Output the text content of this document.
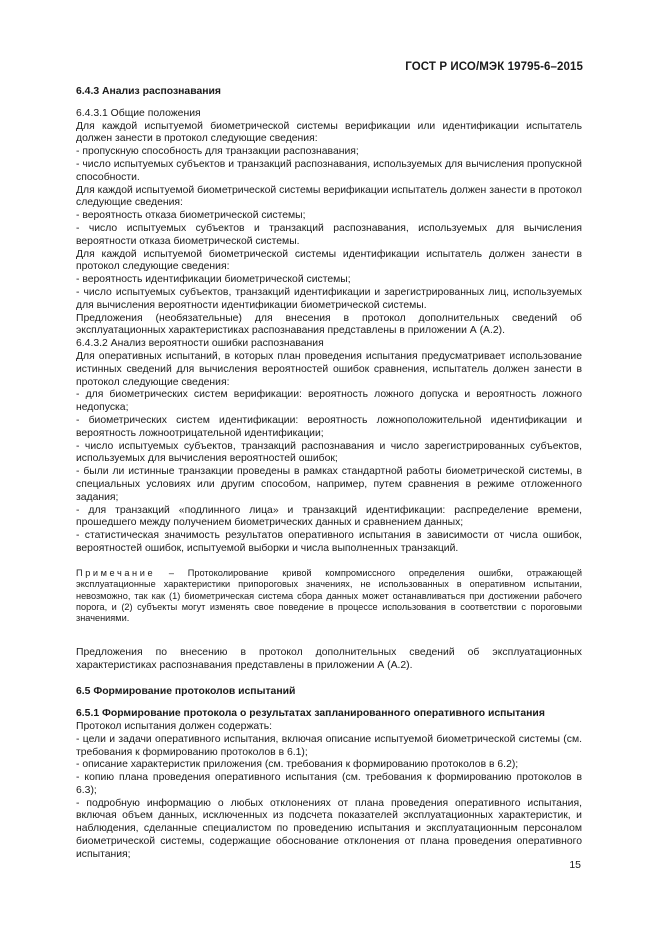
ГОСТ Р ИСО/МЭК 19795-6–2015

6.4.3 Анализ распознавания

6.4.3.1 Общие положения

Для каждой испытуемой биометрической системы верификации или идентификации испытатель должен занести в протокол следующие сведения:

- пропускную способность для транзакции распознавания;

- число испытуемых субъектов и транзакций распознавания, используемых для вычисления пропускной способности.

Для каждой испытуемой биометрической системы верификации испытатель должен занести в протокол следующие сведения:

- вероятность отказа биометрической системы;

- число испытуемых субъектов и транзакций распознавания, используемых для вычисления вероятности отказа биометрической системы.

Для каждой испытуемой биометрической системы идентификации испытатель должен занести в протокол следующие сведения:

- вероятность идентификации биометрической системы;

- число испытуемых субъектов, транзакций идентификации и зарегистрированных лиц, используемых для вычисления вероятности идентификации биометрической системы.

Предложения (необязательные) для внесения в протокол дополнительных сведений об эксплуатационных характеристиках распознавания представлены в приложении А (А.2).

6.4.3.2 Анализ вероятности ошибки распознавания

Для оперативных испытаний, в которых план проведения испытания предусматривает использование истинных сведений для вычисления вероятностей ошибок сравнения, испытатель должен занести в протокол следующие сведения:

- для биометрических систем верификации: вероятность ложного допуска и вероятность ложного недопуска;

- биометрических систем идентификации: вероятность ложноположительной идентификации и вероятность ложноотрицательной идентификации;

- число испытуемых субъектов, транзакций распознавания и число зарегистрированных субъектов, используемых для вычисления вероятностей ошибок;

- были ли истинные транзакции проведены в рамках стандартной работы биометрической системы, в специальных условиях или другим способом, например, путем сравнения в режиме отложенного задания;

- для транзакций «подлинного лица» и транзакций идентификации: распределение времени, прошедшего между получением биометрических данных и сравнением данных;

- статистическая значимость результатов оперативного испытания в зависимости от числа ошибок, вероятностей ошибок, испытуемой выборки и числа выполненных транзакций.

Примечание – Протоколирование кривой компромиссного определения ошибки, отражающей эксплуатационные характеристики припороговых значениях, не использованных в оперативном испытании, невозможно, так как (1) биометрическая система сбора данных может останавливаться при достижении рабочего порога, и (2) субъекты могут изменять свое поведение в процессе использования в соответствии с пороговыми значениями.

Предложения по внесению в протокол дополнительных сведений об эксплуатационных характеристиках распознавания представлены в приложении А (А.2).

6.5 Формирование протоколов испытаний

6.5.1 Формирование протокола о результатах запланированного оперативного испытания

Протокол испытания должен содержать:

- цели и задачи оперативного испытания, включая описание испытуемой биометрической системы (см. требования к формированию протоколов в 6.1);

- описание характеристик приложения (см. требования к формированию протоколов в 6.2);

- копию плана проведения оперативного испытания (см. требования к формированию протоколов в 6.3);

- подробную информацию о любых отклонениях от плана проведения оперативного испытания, включая объем данных, исключенных из подсчета показателей эксплуатационных характеристик, и наблюдения, сделанные специалистом по проведению испытания и эксплуатационным персоналом биометрической системы, содержащие обоснование отклонения от плана проведения оперативного испытания;

15
